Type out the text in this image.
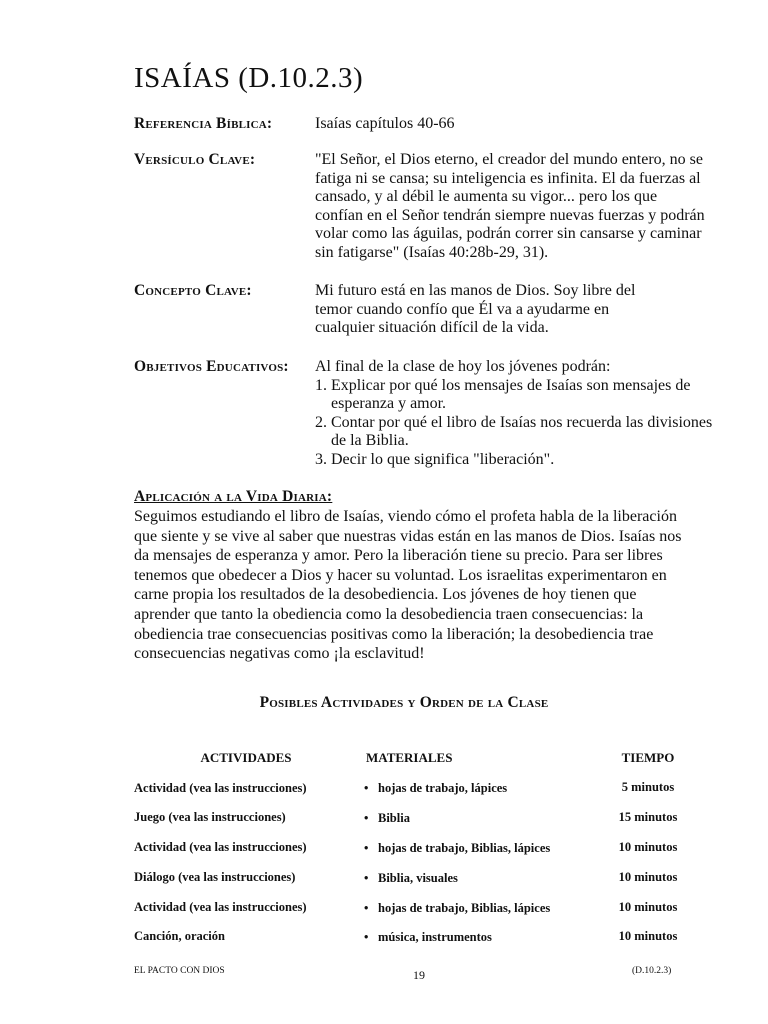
ISAÍAS (D.10.2.3)
Referencia Bíblica:	Isaías capítulos 40-66
Versículo Clave:	"El Señor, el Dios eterno, el creador del mundo entero, no se fatiga ni se cansa; su inteligencia es infinita. El da fuerzas al cansado, y al débil le aumenta su vigor... pero los que confían en el Señor tendrán siempre nuevas fuerzas y podrán volar como las águilas, podrán correr sin cansarse y caminar sin fatigarse" (Isaías 40:28b-29, 31).
Concepto Clave:	Mi futuro está en las manos de Dios. Soy libre del temor cuando confío que Él va a ayudarme en cualquier situación difícil de la vida.
Objetivos Educativos:	Al final de la clase de hoy los jóvenes podrán:
1. Explicar por qué los mensajes de Isaías son mensajes de esperanza y amor.
2. Contar por qué el libro de Isaías nos recuerda las divisiones de la Biblia.
3. Decir lo que significa "liberación".
Aplicación a la Vida Diaria:
Seguimos estudiando el libro de Isaías, viendo cómo el profeta habla de la liberación que siente y se vive al saber que nuestras vidas están en las manos de Dios. Isaías nos da mensajes de esperanza y amor. Pero la liberación tiene su precio. Para ser libres tenemos que obedecer a Dios y hacer su voluntad. Los israelitas experimentaron en carne propia los resultados de la desobediencia. Los jóvenes de hoy tienen que aprender que tanto la obediencia como la desobediencia traen consecuencias: la obediencia trae consecuencias positivas como la liberación; la desobediencia trae consecuencias negativas como ¡la esclavitud!
Posibles Actividades y Orden de la Clase
ACTIVIDADES	MATERIALES	TIEMPO
Actividad (vea las instrucciones)	• hojas de trabajo, lápices	5 minutos
Juego (vea las instrucciones)	• Biblia	15 minutos
Actividad (vea las instrucciones)	• hojas de trabajo, Biblias, lápices	10 minutos
Diálogo (vea las instrucciones)	• Biblia, visuales	10 minutos
Actividad (vea las instrucciones)	• hojas de trabajo, Biblias, lápices	10 minutos
Canción, oración	• música, instrumentos	10 minutos
EL PACTO CON DIOS	19	(D.10.2.3)
